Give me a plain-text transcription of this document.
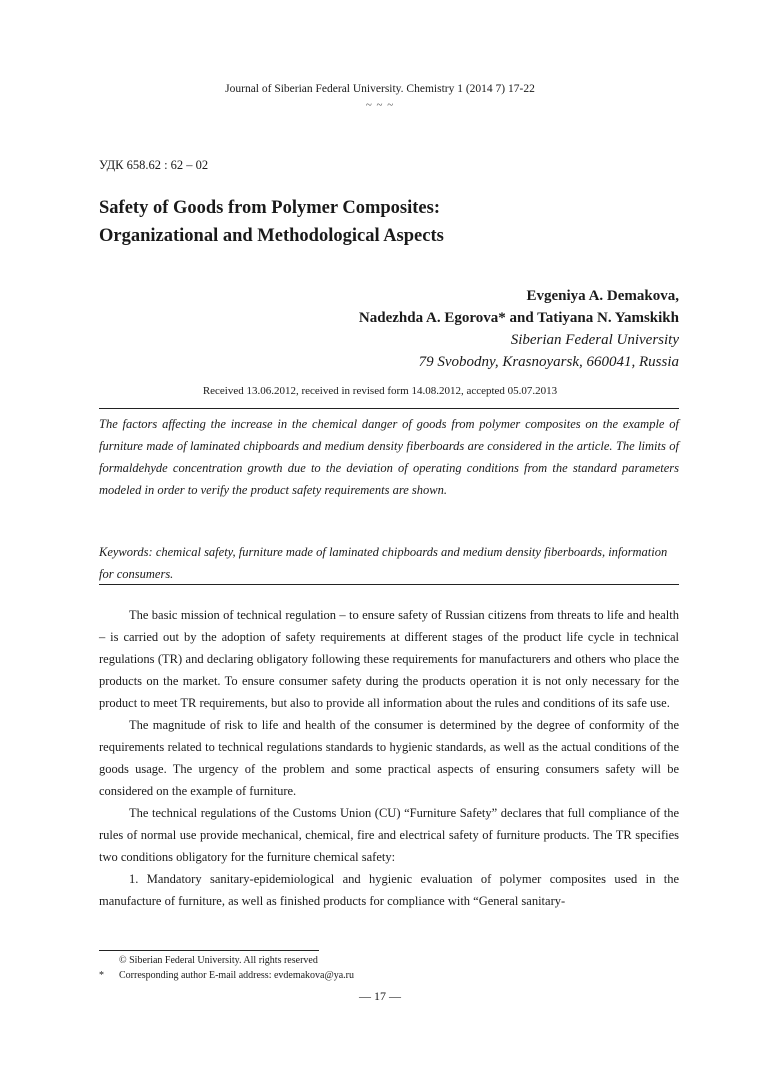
Journal of Siberian Federal University. Chemistry 1 (2014 7) 17-22
~ ~ ~
УДК 658.62 : 62 – 02
Safety of Goods from Polymer Composites:
Organizational and Methodological Aspects
Evgeniya A. Demakova,
Nadezhda A. Egorova* and Tatiyana N. Yamskikh
Siberian Federal University
79 Svobodny, Krasnoyarsk, 660041, Russia
Received 13.06.2012, received in revised form 14.08.2012, accepted 05.07.2013
The factors affecting the increase in the chemical danger of goods from polymer composites on the example of furniture made of laminated chipboards and medium density fiberboards are considered in the article. The limits of formaldehyde concentration growth due to the deviation of operating conditions from the standard parameters modeled in order to verify the product safety requirements are shown.
Keywords: chemical safety, furniture made of laminated chipboards and medium density fiberboards, information for consumers.

The basic mission of technical regulation – to ensure safety of Russian citizens from threats to life and health – is carried out by the adoption of safety requirements at different stages of the product life cycle in technical regulations (TR) and declaring obligatory following these requirements for manufacturers and others who place the products on the market. To ensure consumer safety during the products operation it is not only necessary for the product to meet TR requirements, but also to provide all information about the rules and conditions of its safe use.

The magnitude of risk to life and health of the consumer is determined by the degree of conformity of the requirements related to technical regulations standards to hygienic standards, as well as the actual conditions of the goods usage. The urgency of the problem and some practical aspects of ensuring consumers safety will be considered on the example of furniture.

The technical regulations of the Customs Union (CU) “Furniture Safety” declares that full compliance of the rules of normal use provide mechanical, chemical, fire and electrical safety of furniture products. The TR specifies two conditions obligatory for the furniture chemical safety:

1. Mandatory sanitary-epidemiological and hygienic evaluation of polymer composites used in the manufacture of furniture, as well as finished products for compliance with “General sanitary-

© Siberian Federal University. All rights reserved
*	Corresponding author E-mail address: evdemakova@ya.ru
— 17 —
